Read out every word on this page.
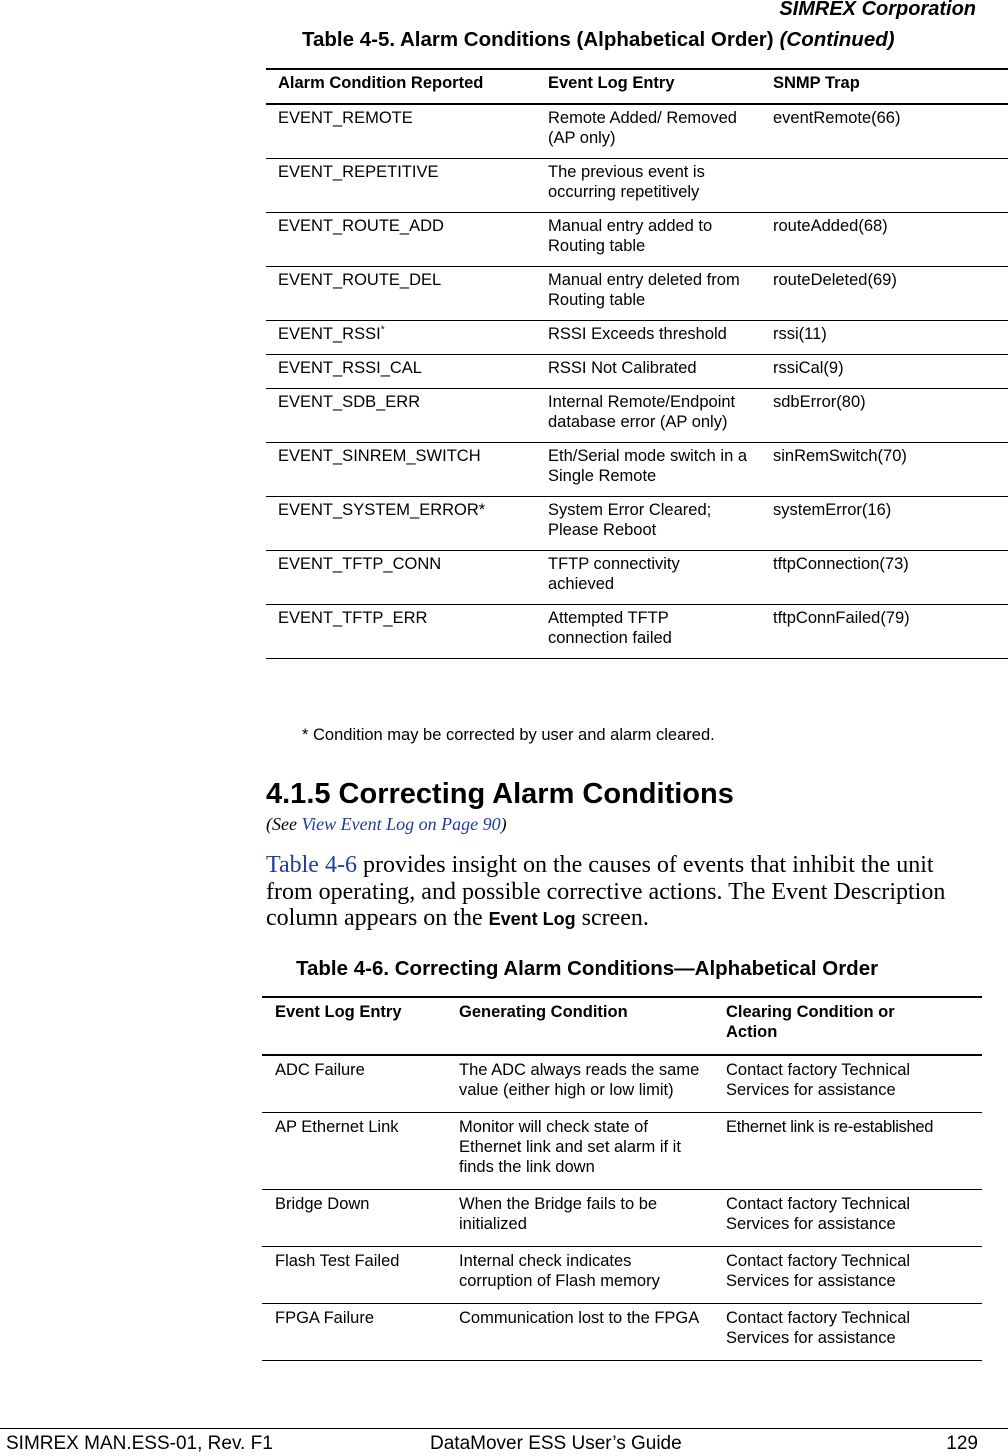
SIMREX Corporation
Table 4-5. Alarm Conditions (Alphabetical Order) (Continued)
Alarm Condition Reported	Event Log Entry	SNMP Trap
EVENT_REMOTE	Remote Added/ Removed (AP only)	eventRemote(66)
EVENT_REPETITIVE	The previous event is occurring repetitively	
EVENT_ROUTE_ADD	Manual entry added to Routing table	routeAdded(68)
EVENT_ROUTE_DEL	Manual entry deleted from Routing table	routeDeleted(69)
EVENT_RSSI*	RSSI Exceeds threshold	rssi(11)
EVENT_RSSI_CAL	RSSI Not Calibrated	rssiCal(9)
EVENT_SDB_ERR	Internal Remote/Endpoint database error (AP only)	sdbError(80)
EVENT_SINREM_SWITCH	Eth/Serial mode switch in a Single Remote	sinRemSwitch(70)
EVENT_SYSTEM_ERROR*	System Error Cleared; Please Reboot	systemError(16)
EVENT_TFTP_CONN	TFTP connectivity achieved	tftpConnection(73)
EVENT_TFTP_ERR	Attempted TFTP connection failed	tftpConnFailed(79)
* Condition may be corrected by user and alarm cleared.
4.1.5 Correcting Alarm Conditions
(See View Event Log on Page 90)
Table 4-6 provides insight on the causes of events that inhibit the unit from operating, and possible corrective actions. The Event Description column appears on the Event Log screen.
Table 4-6. Correcting Alarm Conditions—Alphabetical Order
Event Log Entry	Generating Condition	Clearing Condition or Action
ADC Failure	The ADC always reads the same value (either high or low limit)	Contact factory Technical Services for assistance
AP Ethernet Link	Monitor will check state of Ethernet link and set alarm if it finds the link down	Ethernet link is re-established
Bridge Down	When the Bridge fails to be initialized	Contact factory Technical Services for assistance
Flash Test Failed	Internal check indicates corruption of Flash memory	Contact factory Technical Services for assistance
FPGA Failure	Communication lost to the FPGA	Contact factory Technical Services for assistance
SIMREX MAN.ESS-01, Rev. F1	DataMover ESS User’s Guide	129
